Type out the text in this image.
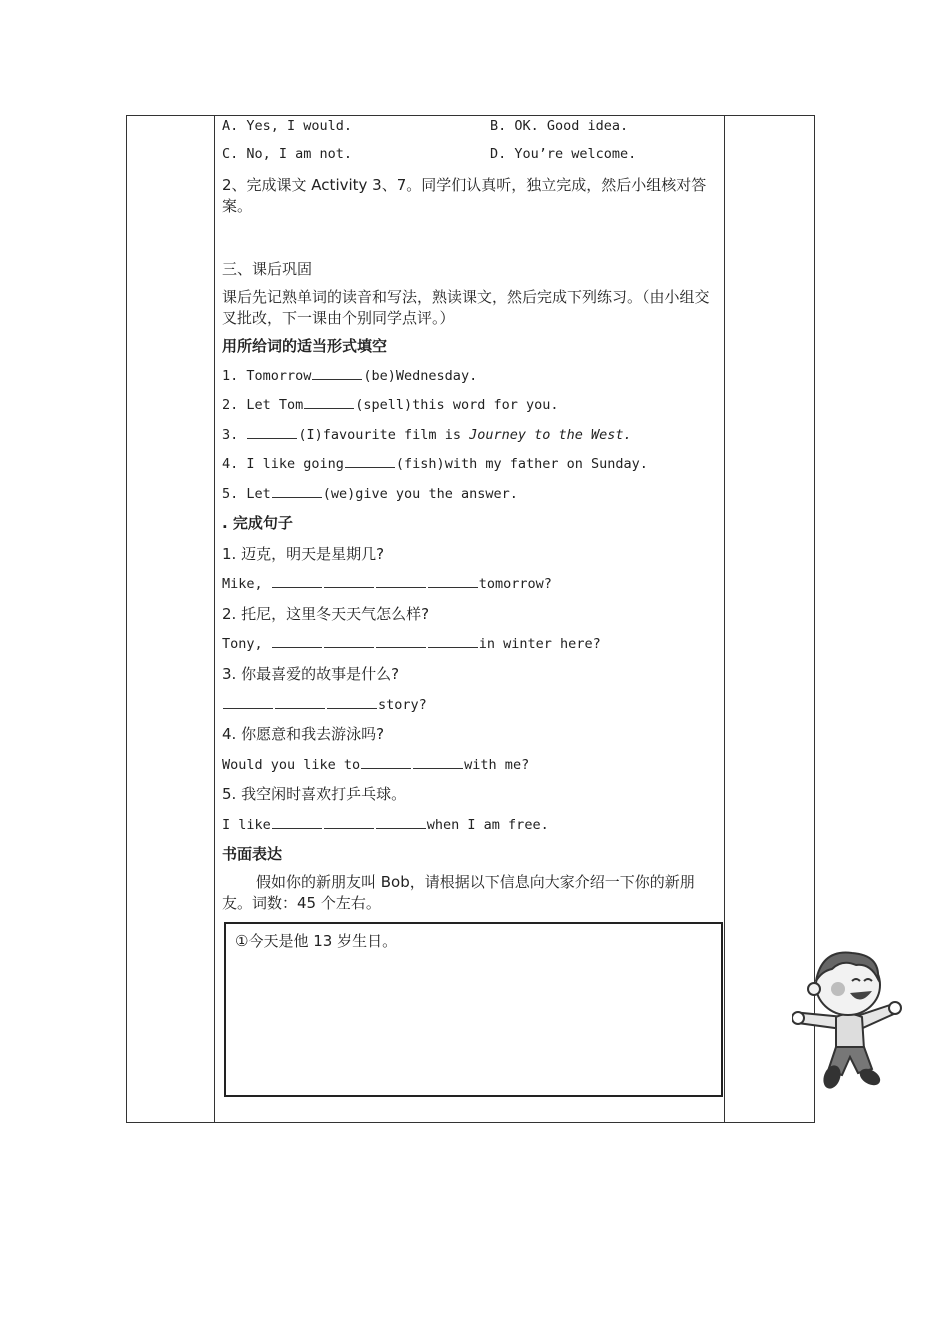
A. Yes, I would.	B. OK. Good idea.
C. No, I am not.	D. You’re welcome.
2、完成课文 Activity 3、7。同学们认真听，独立完成，然后小组核对答案。
三、课后巩固
课后先记熟单词的读音和写法，熟读课文，然后完成下列练习。（由小组交叉批改，下一课由个别同学点评。）
用所给词的适当形式填空
1. Tomorrow	(be)Wednesday.
2. Let Tom	(spell)this word for you.
3.	(I)favourite film is Journey to the West.
4. I like going	(fish)with my father on Sunday.
5. Let	(we)give you the answer.
. 完成句子
1. 迈克，明天是星期几?
Mike,	tomorrow?
2. 托尼，这里冬天天气怎么样?
Tony,	in winter here?
3. 你最喜爱的故事是什么?
story?
4. 你愿意和我去游泳吗?
Would you like to	with me?
5. 我空闲时喜欢打乒乓球。
I like	when I am free.
书面表达
假如你的新朋友叫 Bob，请根据以下信息向大家介绍一下你的新朋友。词数：45 个左右。
①今天是他 13 岁生日。
